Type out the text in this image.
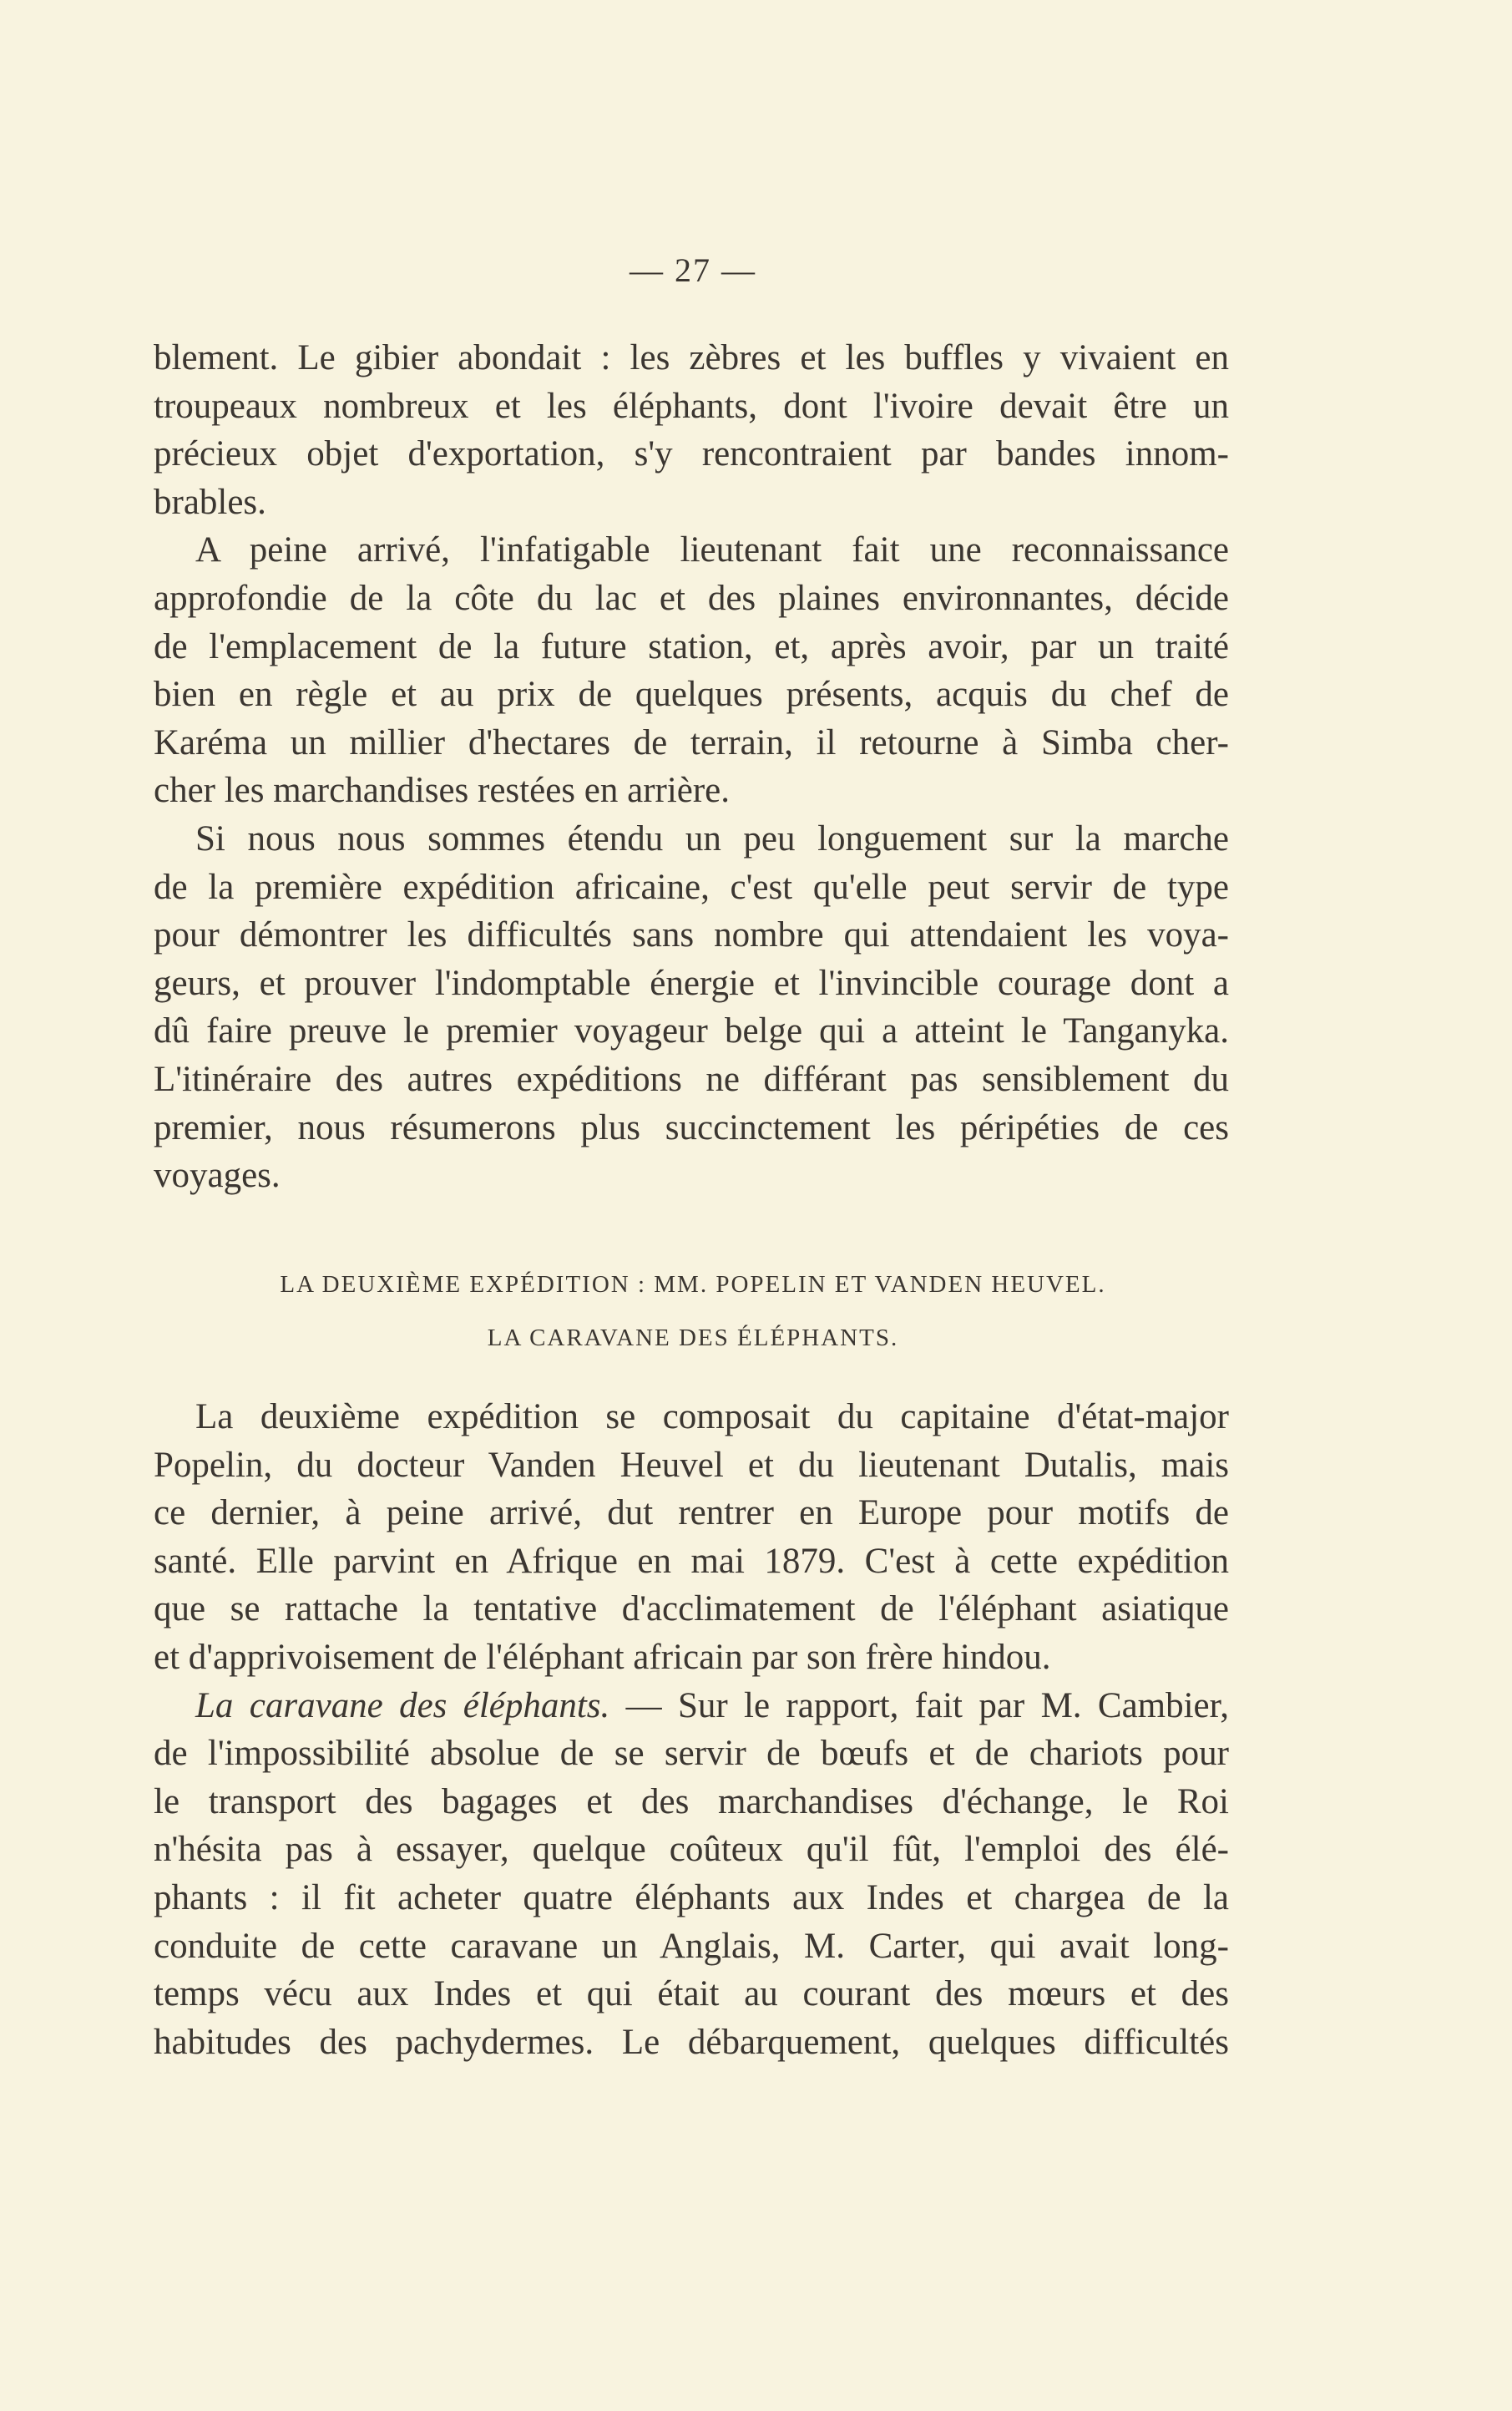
— 27 —
blement. Le gibier abondait : les zèbres et les buffles y vivaient en
troupeaux nombreux et les éléphants, dont l'ivoire devait être un
précieux objet d'exportation, s'y rencontraient par bandes innom-
brables.
A peine arrivé, l'infatigable lieutenant fait une reconnaissance
approfondie de la côte du lac et des plaines environnantes, décide
de l'emplacement de la future station, et, après avoir, par un traité
bien en règle et au prix de quelques présents, acquis du chef de
Karéma un millier d'hectares de terrain, il retourne à Simba cher-
cher les marchandises restées en arrière.
Si nous nous sommes étendu un peu longuement sur la marche
de la première expédition africaine, c'est qu'elle peut servir de type
pour démontrer les difficultés sans nombre qui attendaient les voya-
geurs, et prouver l'indomptable énergie et l'invincible courage dont a
dû faire preuve le premier voyageur belge qui a atteint le Tanganyka.
L'itinéraire des autres expéditions ne différant pas sensiblement du
premier, nous résumerons plus succinctement les péripéties de ces
voyages.
LA DEUXIÈME EXPÉDITION : MM. POPELIN ET VANDEN HEUVEL.
LA CARAVANE DES ÉLÉPHANTS.
La deuxième expédition se composait du capitaine d'état-major
Popelin, du docteur Vanden Heuvel et du lieutenant Dutalis, mais
ce dernier, à peine arrivé, dut rentrer en Europe pour motifs de
santé. Elle parvint en Afrique en mai 1879. C'est à cette expédition
que se rattache la tentative d'acclimatement de l'éléphant asiatique
et d'apprivoisement de l'éléphant africain par son frère hindou.
La caravane des éléphants. — Sur le rapport, fait par M. Cambier,
de l'impossibilité absolue de se servir de bœufs et de chariots pour
le transport des bagages et des marchandises d'échange, le Roi
n'hésita pas à essayer, quelque coûteux qu'il fût, l'emploi des élé-
phants : il fit acheter quatre éléphants aux Indes et chargea de la
conduite de cette caravane un Anglais, M. Carter, qui avait long-
temps vécu aux Indes et qui était au courant des mœurs et des
habitudes des pachydermes. Le débarquement, quelques difficultés
